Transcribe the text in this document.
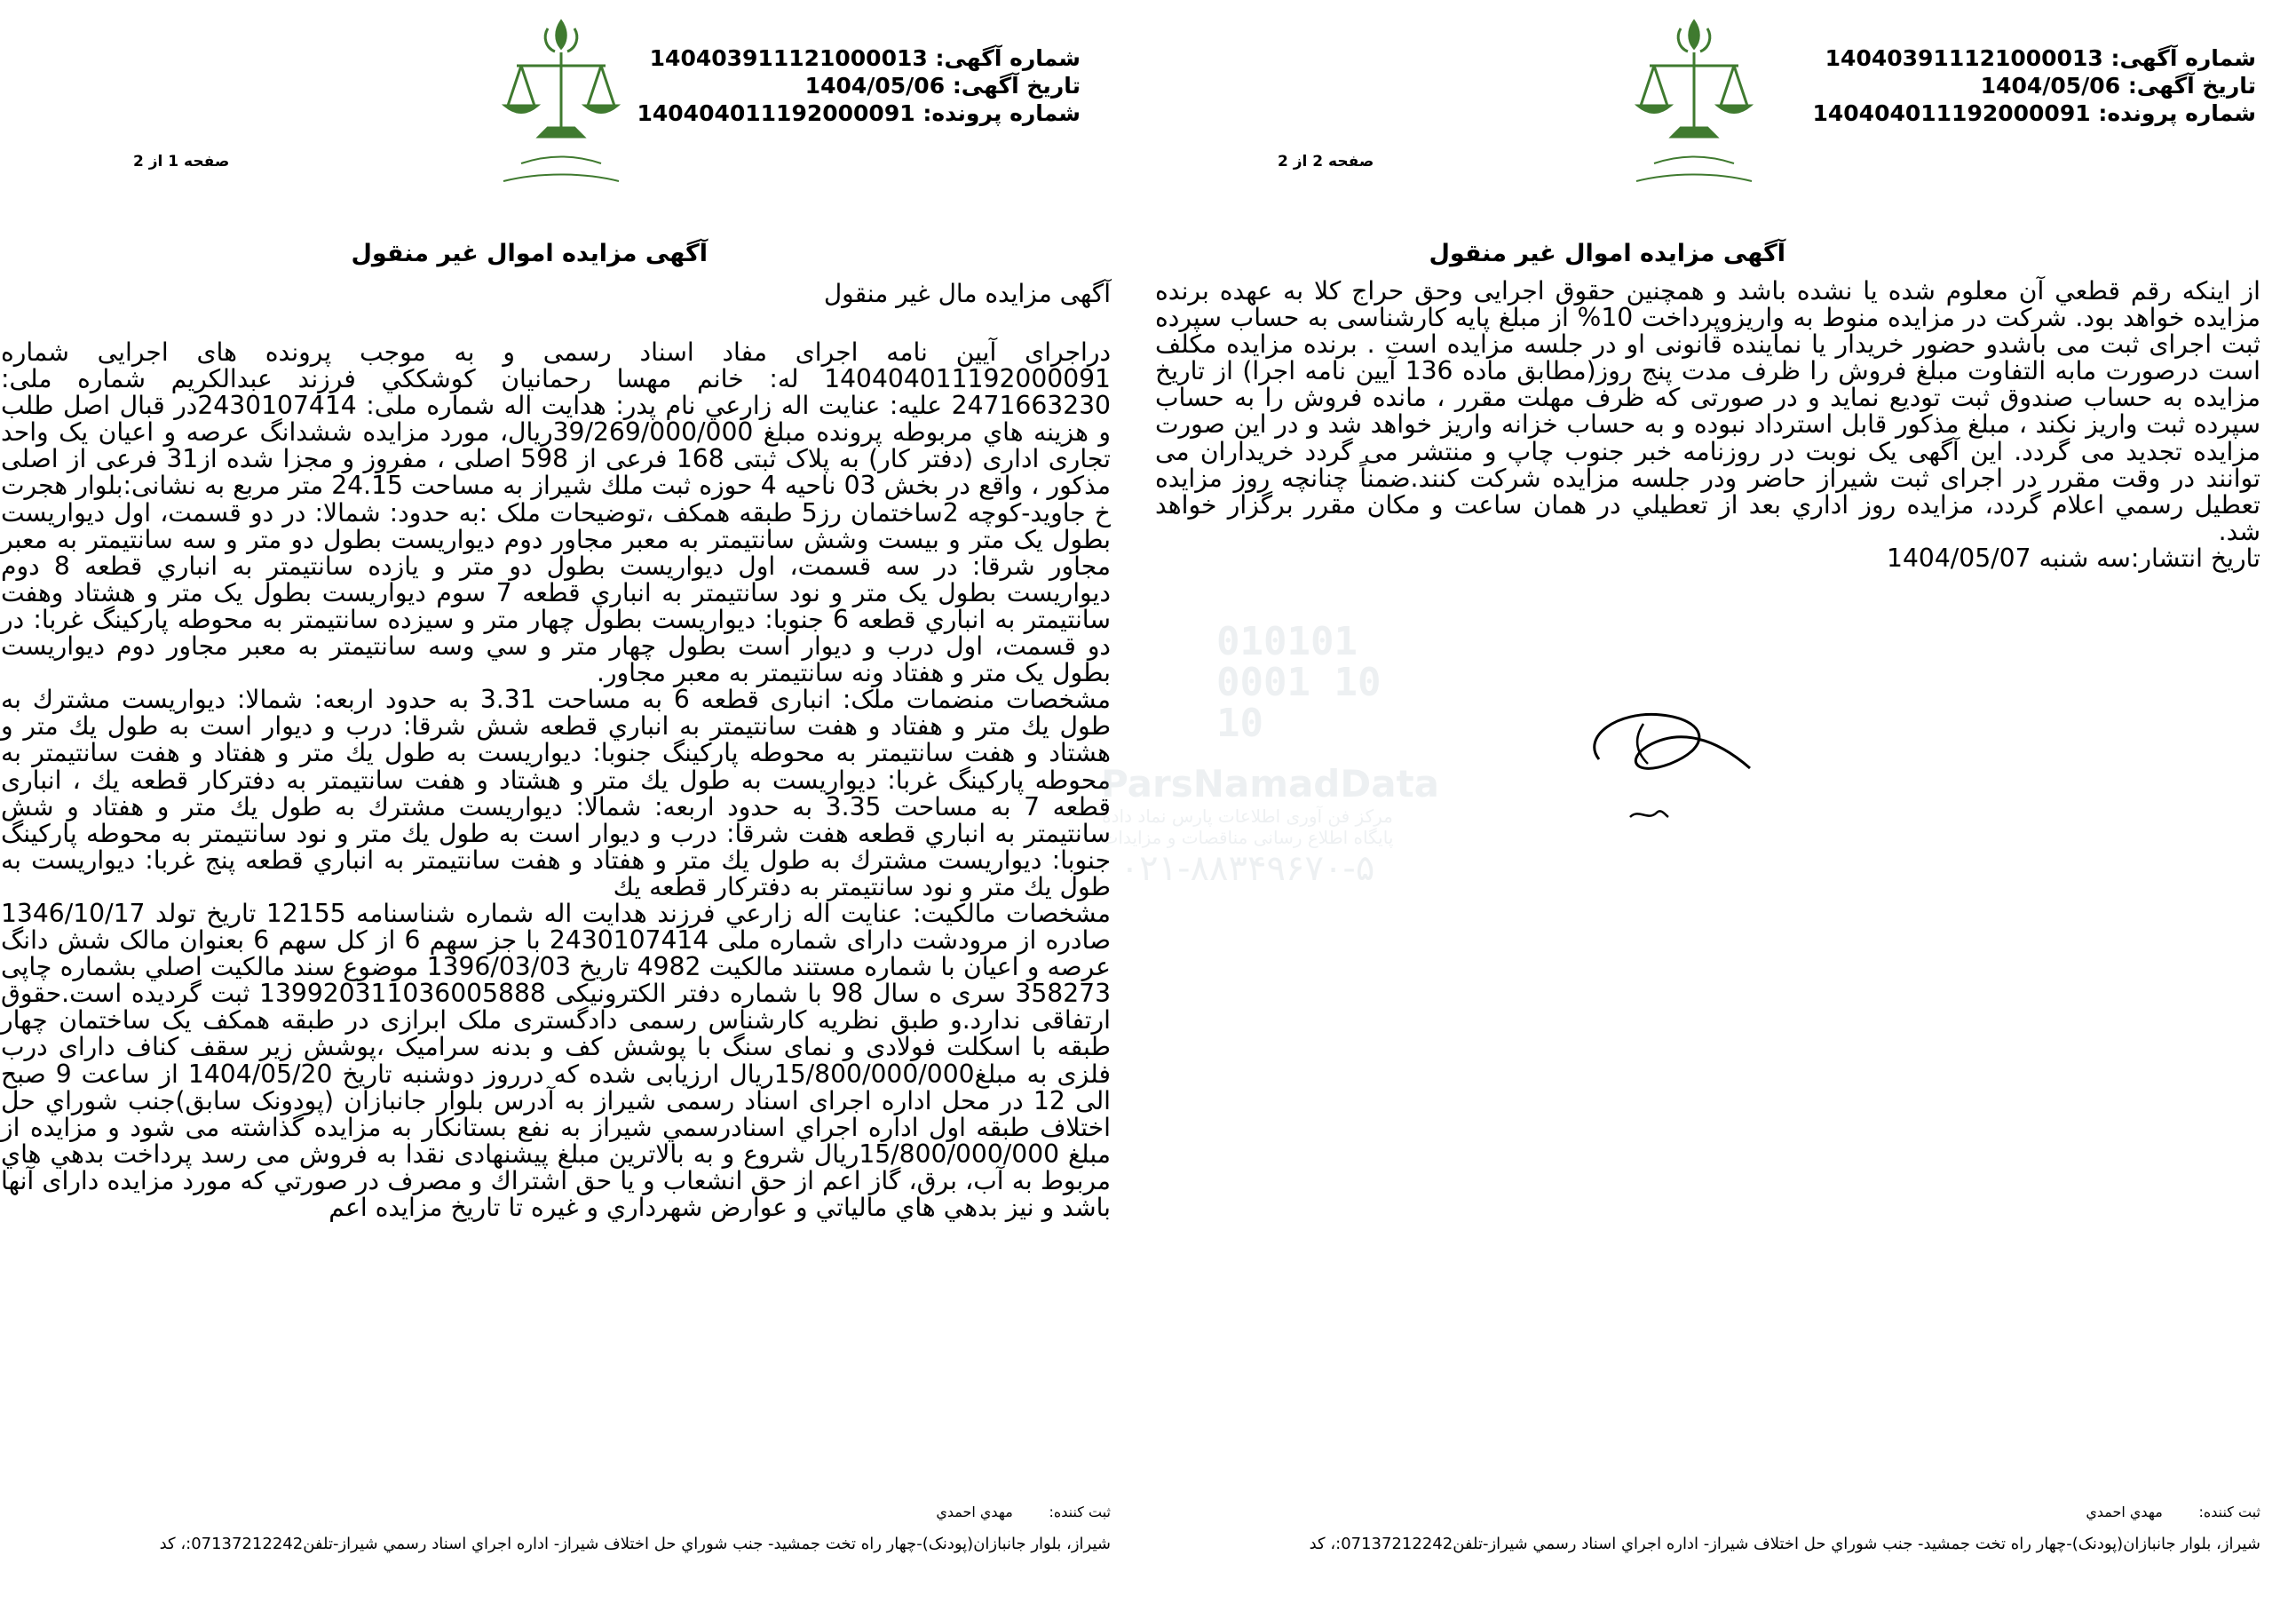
شماره آگهی: 140403911121000013
تاریخ آگهی: 1404/05/06
شماره پرونده: 140404011192000091
صفحه 2 از 2
آگهی مزایده اموال غیر منقول

از اینکه رقم قطعي آن معلوم شده یا نشده باشد و همچنین حقوق اجرایی وحق حراج کلا به عهده برنده مزایده خواهد بود. شرکت در مزایده منوط به واریزوپرداخت 10% از مبلغ پایه کارشناسی به حساب سپرده ثبت اجرای ثبت می باشدو حضور خریدار یا نماینده قانونی او در جلسه مزایده است . برنده مزایده مکلف است درصورت مابه التفاوت مبلغ فروش را ظرف مدت پنج روز(مطابق ماده 136 آیین نامه اجرا) از تاریخ مزایده به حساب صندوق ثبت تودیع نماید و در صورتی که ظرف مهلت مقرر ، مانده فروش را به حساب سپرده ثبت واریز نکند ، مبلغ مذکور قابل استرداد نبوده و به حساب خزانه واریز خواهد شد و در این صورت مزایده تجدید می گردد. این آگهی یک نوبت در روزنامه خبر جنوب چاپ و منتشر می گردد خریداران می توانند در وقت مقرر در اجرای ثبت شیراز حاضر ودر جلسه مزایده شرکت کنند.ضمناً چنانچه روز مزایده تعطیل رسمي اعلام گردد، مزایده روز اداري بعد از تعطیلي در همان ساعت و مکان مقرر برگزار خواهد شد.

تاریخ انتشار:سه شنبه 1404/05/07

ثبت کننده:        مهدي احمدي
شیراز، بلوار جانبازان(پودنک)-چهار راه تخت جمشید- جنب شوراي حل اختلاف شیراز- اداره اجراي اسناد رسمي شیراز-تلفن07137212242:، کد
شماره آگهی: 140403911121000013
تاریخ آگهی: 1404/05/06
شماره پرونده: 140404011192000091
صفحه 1 از 2
آگهی مزایده اموال غیر منقول
آگهی مزایده مال غیر منقول

دراجرای آیین نامه اجرای مفاد اسناد رسمی و به موجب پرونده های اجرایی شماره 140404011192000091 له: خانم مهسا رحمانیان کوشککي فرزند عبدالکریم شماره ملی: 2471663230 علیه: عنایت اله زارعي نام پدر: هدایت اله شماره ملی: 2430107414در قبال اصل طلب و هزینه هاي مربوطه پرونده مبلغ 39/269/000/000ریال، مورد مزایده ششدانگ عرصه و اعیان یک واحد تجاری اداری (دفتر کار) به پلاک ثبتی 168 فرعی از 598 اصلی ، مفروز و مجزا شده از31 فرعی از اصلی مذکور ، واقع در بخش 03 ناحیه 4 حوزه ثبت ملك شیراز به مساحت 24.15 متر مربع به نشانی:بلوار هجرت خ جاوید-کوچه 2ساختمان رز5 طبقه همکف ،توضیحات ملک :به حدود: شمالا: در دو قسمت، اول دیواریست بطول یک متر و بیست وشش سانتیمتر به معبر مجاور دوم دیواریست بطول دو متر و سه سانتیمتر به معبر مجاور شرقا: در سه قسمت، اول دیواریست بطول دو متر و یازده سانتیمتر به انباري قطعه 8 دوم دیواریست بطول یک متر و نود سانتیمتر به انباري قطعه 7 سوم دیواریست بطول یک متر و هشتاد وهفت سانتیمتر به انباري قطعه 6 جنوبا: دیواریست بطول چهار متر و سیزده سانتیمتر به محوطه پارکینگ غربا: در دو قسمت، اول درب و دیوار است بطول چهار متر و سي وسه سانتیمتر به معبر مجاور دوم دیواریست بطول یک متر و هفتاد ونه سانتیمتر به معبر مجاور.

مشخصات منضمات ملک: انباری قطعه 6 به مساحت 3.31 به حدود اربعه: شمالا: دیواریست مشترك به طول يك متر و هفتاد و هفت سانتيمتر به انباري قطعه شش شرقا: درب و ديوار است به طول يك متر و هشتاد و هفت سانتيمتر به محوطه پاركينگ جنوبا: ديواريست به طول يك متر و هفتاد و هفت سانتيمتر به محوطه پاركينگ غربا: ديواريست به طول يك متر و هشتاد و هفت سانتيمتر به دفتركار قطعه يك ، انباری قطعه 7 به مساحت 3.35 به حدود اربعه: شمالا: ديواريست مشترك به طول يك متر و هفتاد و شش سانتيمتر به انباري قطعه هفت شرقا: درب و ديوار است به طول يك متر و نود سانتيمتر به محوطه پاركينگ جنوبا: ديواريست مشترك به طول يك متر و هفتاد و هفت سانتيمتر به انباري قطعه پنج غربا: ديواريست به طول يك متر و نود سانتيمتر به دفتركار قطعه يك

مشخصات مالکیت: عنایت اله زارعي فرزند هدایت اله شماره شناسنامه 12155 تاریخ تولد 1346/10/17 صادره از مرودشت دارای شماره ملی 2430107414 با جز سهم 6 از کل سهم 6 بعنوان مالک شش دانگ عرصه و اعیان با شماره مستند مالکیت 4982 تاریخ 1396/03/03 موضوع سند مالکیت اصلي بشماره چاپی 358273 سری ه سال 98 با شماره دفتر الکترونیکی 139920311036005888 ثبت گردیده است.حقوق ارتفاقی ندارد.و طبق نظریه کارشناس رسمی دادگستری ملک ابرازی در طبقه همکف یک ساختمان چهار طبقه با اسکلت فولادی و نمای سنگ با پوشش کف و بدنه سرامیک ،پوشش زیر سقف کناف دارای درب فلزی به مبلغ15/800/000/000ریال ارزیابی شده که درروز دوشنبه تاریخ 1404/05/20 از ساعت 9 صبح الی 12 در محل اداره اجرای اسناد رسمی شیراز به آدرس بلوار جانبازان (پودونک سابق)جنب شوراي حل اختلاف طبقه اول اداره اجراي اسنادرسمي شیراز به نفع بستانکار به مزایده گذاشته می شود و مزایده از مبلغ 15/800/000/000ریال شروع و به بالاترین مبلغ پیشنهادی نقدا به فروش می رسد پرداخت بدهي هاي مربوط به آب، برق، گاز اعم از حق انشعاب و یا حق اشتراك و مصرف در صورتي که مورد مزایده دارای آنها باشد و نیز بدهي هاي مالیاتي و عوارض شهرداري و غیره تا تاریخ مزایده اعم

ثبت کننده:        مهدي احمدي
شیراز، بلوار جانبازان(پودنک)-چهار راه تخت جمشید- جنب شوراي حل اختلاف شیراز- اداره اجراي اسناد رسمي شیراز-تلفن07137212242:، کد
010101 0001 10 10
ParsNamadData
مرکز فن آوری اطلاعات پارس نماد داده
پایگاه اطلاع رسانی مناقصات و مزایدات
۰۲۱-۸۸۳۴۹۶۷۰-۵
